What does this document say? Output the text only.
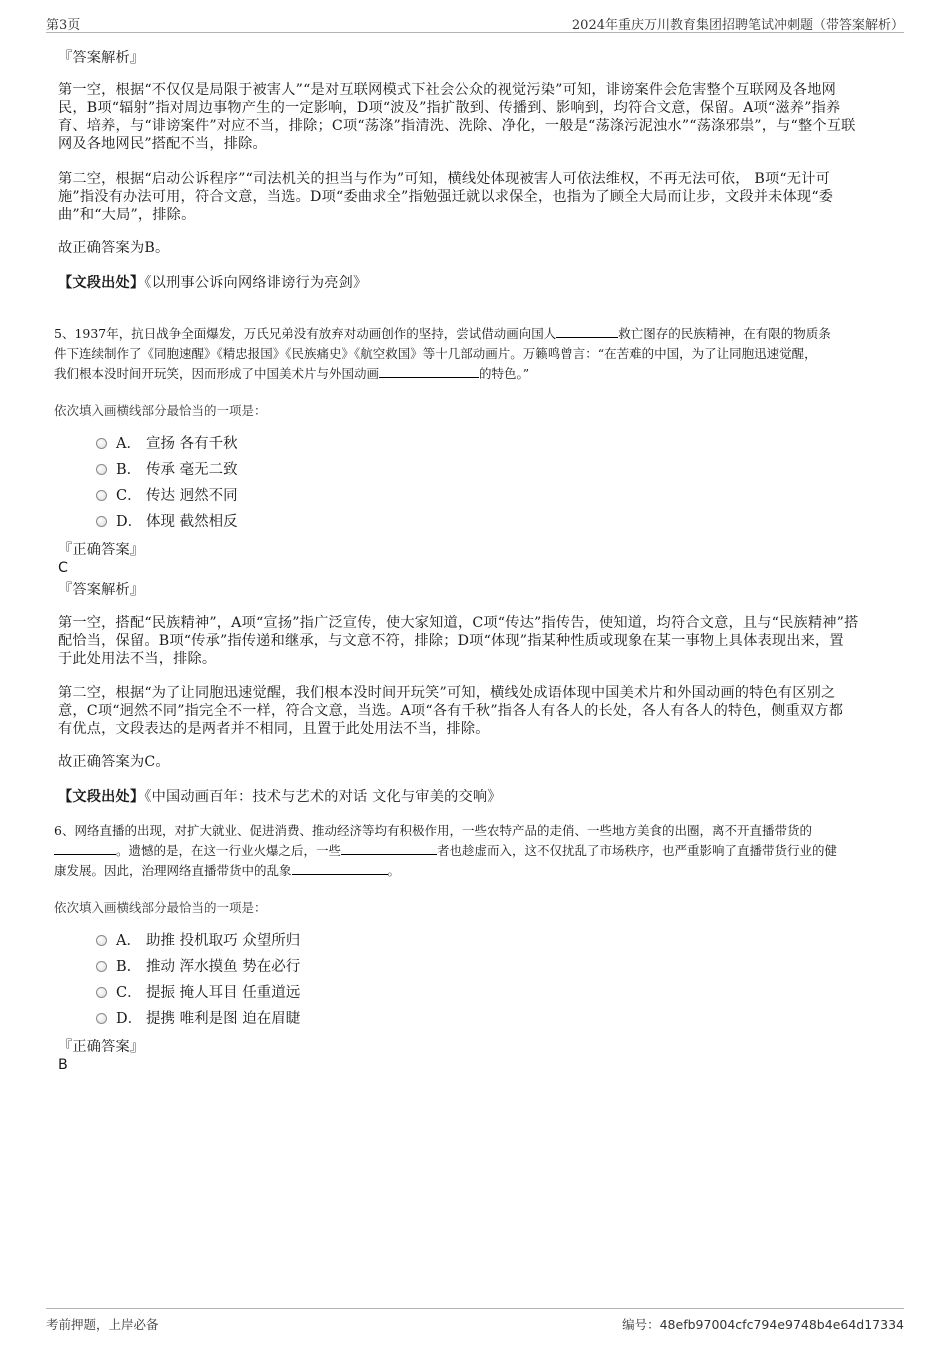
第3页	2024年重庆万川教育集团招聘笔试冲刺题（带答案解析）
『答案解析』
第一空，根据“不仅仅是局限于被害人”“是对互联网模式下社会公众的视觉污染”可知，诽谤案件会危害整个互联网及各地网
民，B项“辐射”指对周边事物产生的一定影响，D项“波及”指扩散到、传播到、影响到，均符合文意，保留。A项“滋养”指养
育、培养，与“诽谤案件”对应不当，排除；C项“荡涤”指清洗、洗除、净化，一般是“荡涤污泥浊水”“荡涤邪祟”，与“整个互联
网及各地网民”搭配不当，排除。
第二空，根据“启动公诉程序”“司法机关的担当与作为”可知，横线处体现被害人可依法维权，不再无法可依， B项“无计可
施”指没有办法可用，符合文意，当选。D项“委曲求全”指勉强迁就以求保全，也指为了顾全大局而让步，文段并未体现“委
曲”和“大局”，排除。
故正确答案为B。
【文段出处】《以刑事公诉向网络诽谤行为亮剑》
5、1937年，抗日战争全面爆发，万氏兄弟没有放弃对动画创作的坚持，尝试借动画向国人	救亡图存的民族精神，在有限的物质条
件下连续制作了《同胞速醒》《精忠报国》《民族痛史》《航空救国》等十几部动画片。万籁鸣曾言：“在苦难的中国，为了让同胞迅速觉醒，
我们根本没时间开玩笑，因而形成了中国美术片与外国动画	的特色。”
依次填入画横线部分最恰当的一项是：
A． 宣扬 各有千秋
B． 传承 毫无二致
C． 传达 迥然不同
D． 体现 截然相反
『正确答案』
C
『答案解析』
第一空，搭配“民族精神”，A项“宣扬”指广泛宣传，使大家知道，C项“传达”指传告，使知道，均符合文意，且与“民族精神”搭
配恰当，保留。B项“传承”指传递和继承，与文意不符，排除；D项“体现”指某种性质或现象在某一事物上具体表现出来，置
于此处用法不当，排除。
第二空，根据“为了让同胞迅速觉醒，我们根本没时间开玩笑”可知，横线处成语体现中国美术片和外国动画的特色有区别之
意，C项“迥然不同”指完全不一样，符合文意，当选。A项“各有千秋”指各人有各人的长处，各人有各人的特色，侧重双方都
有优点，文段表达的是两者并不相同，且置于此处用法不当，排除。
故正确答案为C。
【文段出处】《中国动画百年：技术与艺术的对话 文化与审美的交响》
6、网络直播的出现，对扩大就业、促进消费、推动经济等均有积极作用，一些农特产品的走俏、一些地方美食的出圈，离不开直播带货的
。遗憾的是，在这一行业火爆之后，一些	者也趁虚而入，这不仅扰乱了市场秩序，也严重影响了直播带货行业的健
康发展。因此，治理网络直播带货中的乱象	。
依次填入画横线部分最恰当的一项是：
A． 助推 投机取巧 众望所归
B． 推动 浑水摸鱼 势在必行
C． 提振 掩人耳目 任重道远
D． 提携 唯利是图 迫在眉睫
『正确答案』
B
考前押题，上岸必备	编号：48efb97004cfc794e9748b4e64d17334
